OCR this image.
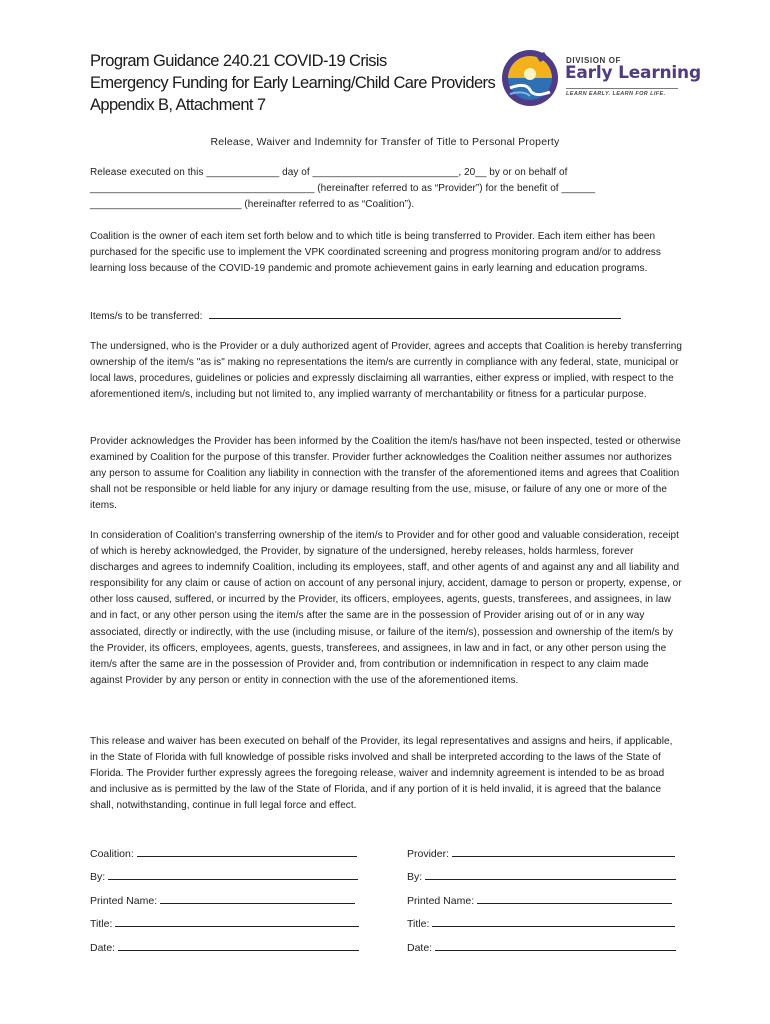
Program Guidance 240.21 COVID-19 Crisis
Emergency Funding for Early Learning/Child Care Providers
Appendix B, Attachment 7
DIVISION OF
Early Learning
LEARN EARLY. LEARN FOR LIFE.
Release, Waiver and Indemnity for Transfer of Title to Personal Property

Release executed on this _____________ day of __________________________, 20__ by or on behalf of

________________________________________ (hereinafter referred to as “Provider”) for the benefit of ______

___________________________ (hereinafter referred to as “Coalition”).

Coalition is the owner of each item set forth below and to which title is being transferred to Provider. Each item either has been purchased for the specific use to implement the VPK coordinated screening and progress monitoring program and/or to address learning loss because of the COVID-19 pandemic and promote achievement gains in early learning and education programs.

Items/s to be transferred:

The undersigned, who is the Provider or a duly authorized agent of Provider, agrees and accepts that Coalition is hereby transferring ownership of the item/s "as is" making no representations the item/s are currently in compliance with any federal, state, municipal or local laws, procedures, guidelines or policies and expressly disclaiming all warranties, either express or implied, with respect to the aforementioned item/s, including but not limited to, any implied warranty of merchantability or fitness for a particular purpose.

Provider acknowledges the Provider has been informed by the Coalition the item/s has/have not been inspected, tested or otherwise examined by Coalition for the purpose of this transfer. Provider further acknowledges the Coalition neither assumes nor authorizes any person to assume for Coalition any liability in connection with the transfer of the aforementioned items and agrees that Coalition shall not be responsible or held liable for any injury or damage resulting from the use, misuse, or failure of any one or more of the items.

In consideration of Coalition's transferring ownership of the item/s to Provider and for other good and valuable consideration, receipt of which is hereby acknowledged, the Provider, by signature of the undersigned, hereby releases, holds harmless, forever discharges and agrees to indemnify Coalition, including its employees, staff, and other agents of and against any and all liability and responsibility for any claim or cause of action on account of any personal injury, accident, damage to person or property, expense, or other loss caused, suffered, or incurred by the Provider, its officers, employees, agents, guests, transferees, and assignees, in law and in fact, or any other person using the item/s after the same are in the possession of Provider arising out of or in any way associated, directly or indirectly, with the use (including misuse, or failure of the item/s), possession and ownership of the item/s by the Provider, its officers, employees, agents, guests, transferees, and assignees, in law and in fact, or any other person using the item/s after the same are in the possession of Provider and, from contribution or indemnification in respect to any claim made against Provider by any person or entity in connection with the use of the aforementioned items.

This release and waiver has been executed on behalf of the Provider, its legal representatives and assigns and heirs, if applicable, in the State of Florida with full knowledge of possible risks involved and shall be interpreted according to the laws of the State of Florida. The Provider further expressly agrees the foregoing release, waiver and indemnity agreement is intended to be as broad and inclusive as is permitted by the law of the State of Florida, and if any portion of it is held invalid, it is agreed that the balance shall, notwithstanding, continue in full legal force and effect.

Coalition:
By:
Printed Name:
Title:
Date:
Provider:
By:
Printed Name:
Title:
Date:
